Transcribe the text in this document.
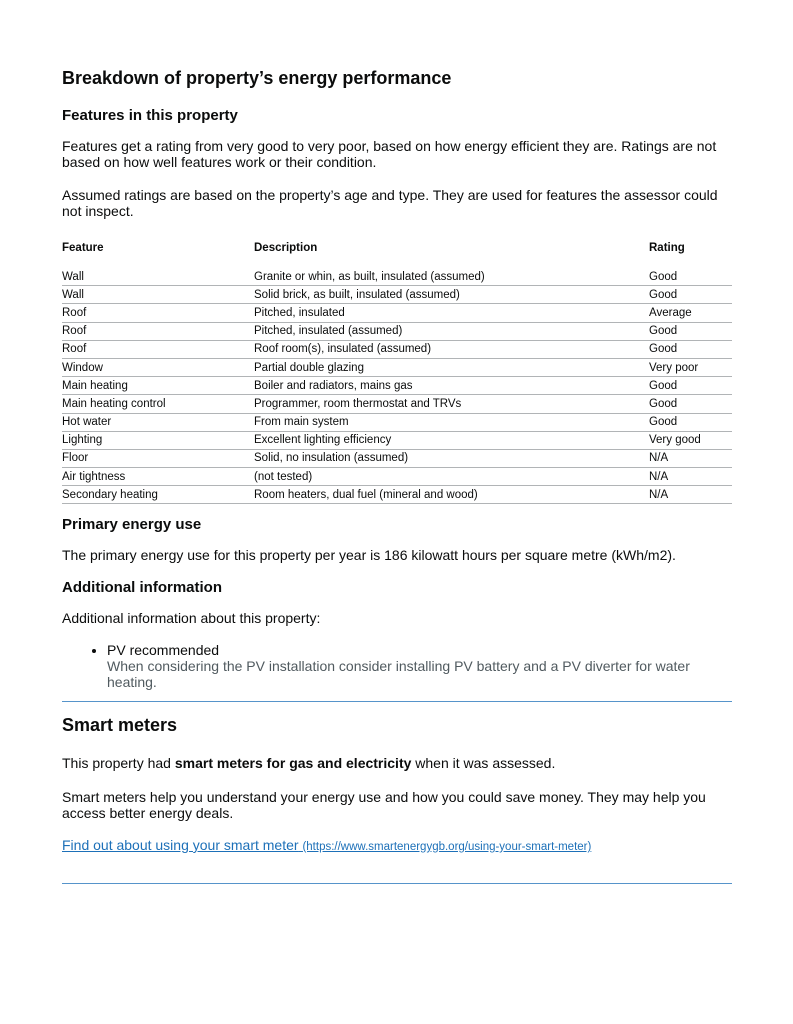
Breakdown of property’s energy performance
Features in this property

Features get a rating from very good to very poor, based on how energy efficient they are. Ratings are not based on how well features work or their condition.

Assumed ratings are based on the property’s age and type. They are used for features the assessor could not inspect.

Feature	Description	Rating

Wall	Granite or whin, as built, insulated (assumed)	Good
Wall	Solid brick, as built, insulated (assumed)	Good
Roof	Pitched, insulated	Average
Roof	Pitched, insulated (assumed)	Good
Roof	Roof room(s), insulated (assumed)	Good
Window	Partial double glazing	Very poor
Main heating	Boiler and radiators, mains gas	Good
Main heating control	Programmer, room thermostat and TRVs	Good
Hot water	From main system	Good
Lighting	Excellent lighting efficiency	Very good
Floor	Solid, no insulation (assumed)	N/A
Air tightness	(not tested)	N/A
Secondary heating	Room heaters, dual fuel (mineral and wood)	N/A
Primary energy use

The primary energy use for this property per year is 186 kilowatt hours per square metre (kWh/m2).

Additional information

Additional information about this property:

• PV recommended
When considering the PV installation consider installing PV battery and a PV diverter for water heating.
Smart meters

This property had smart meters for gas and electricity when it was assessed.

Smart meters help you understand your energy use and how you could save money. They may help you access better energy deals.

Find out about using your smart meter (https://www.smartenergygb.org/using-your-smart-meter)
